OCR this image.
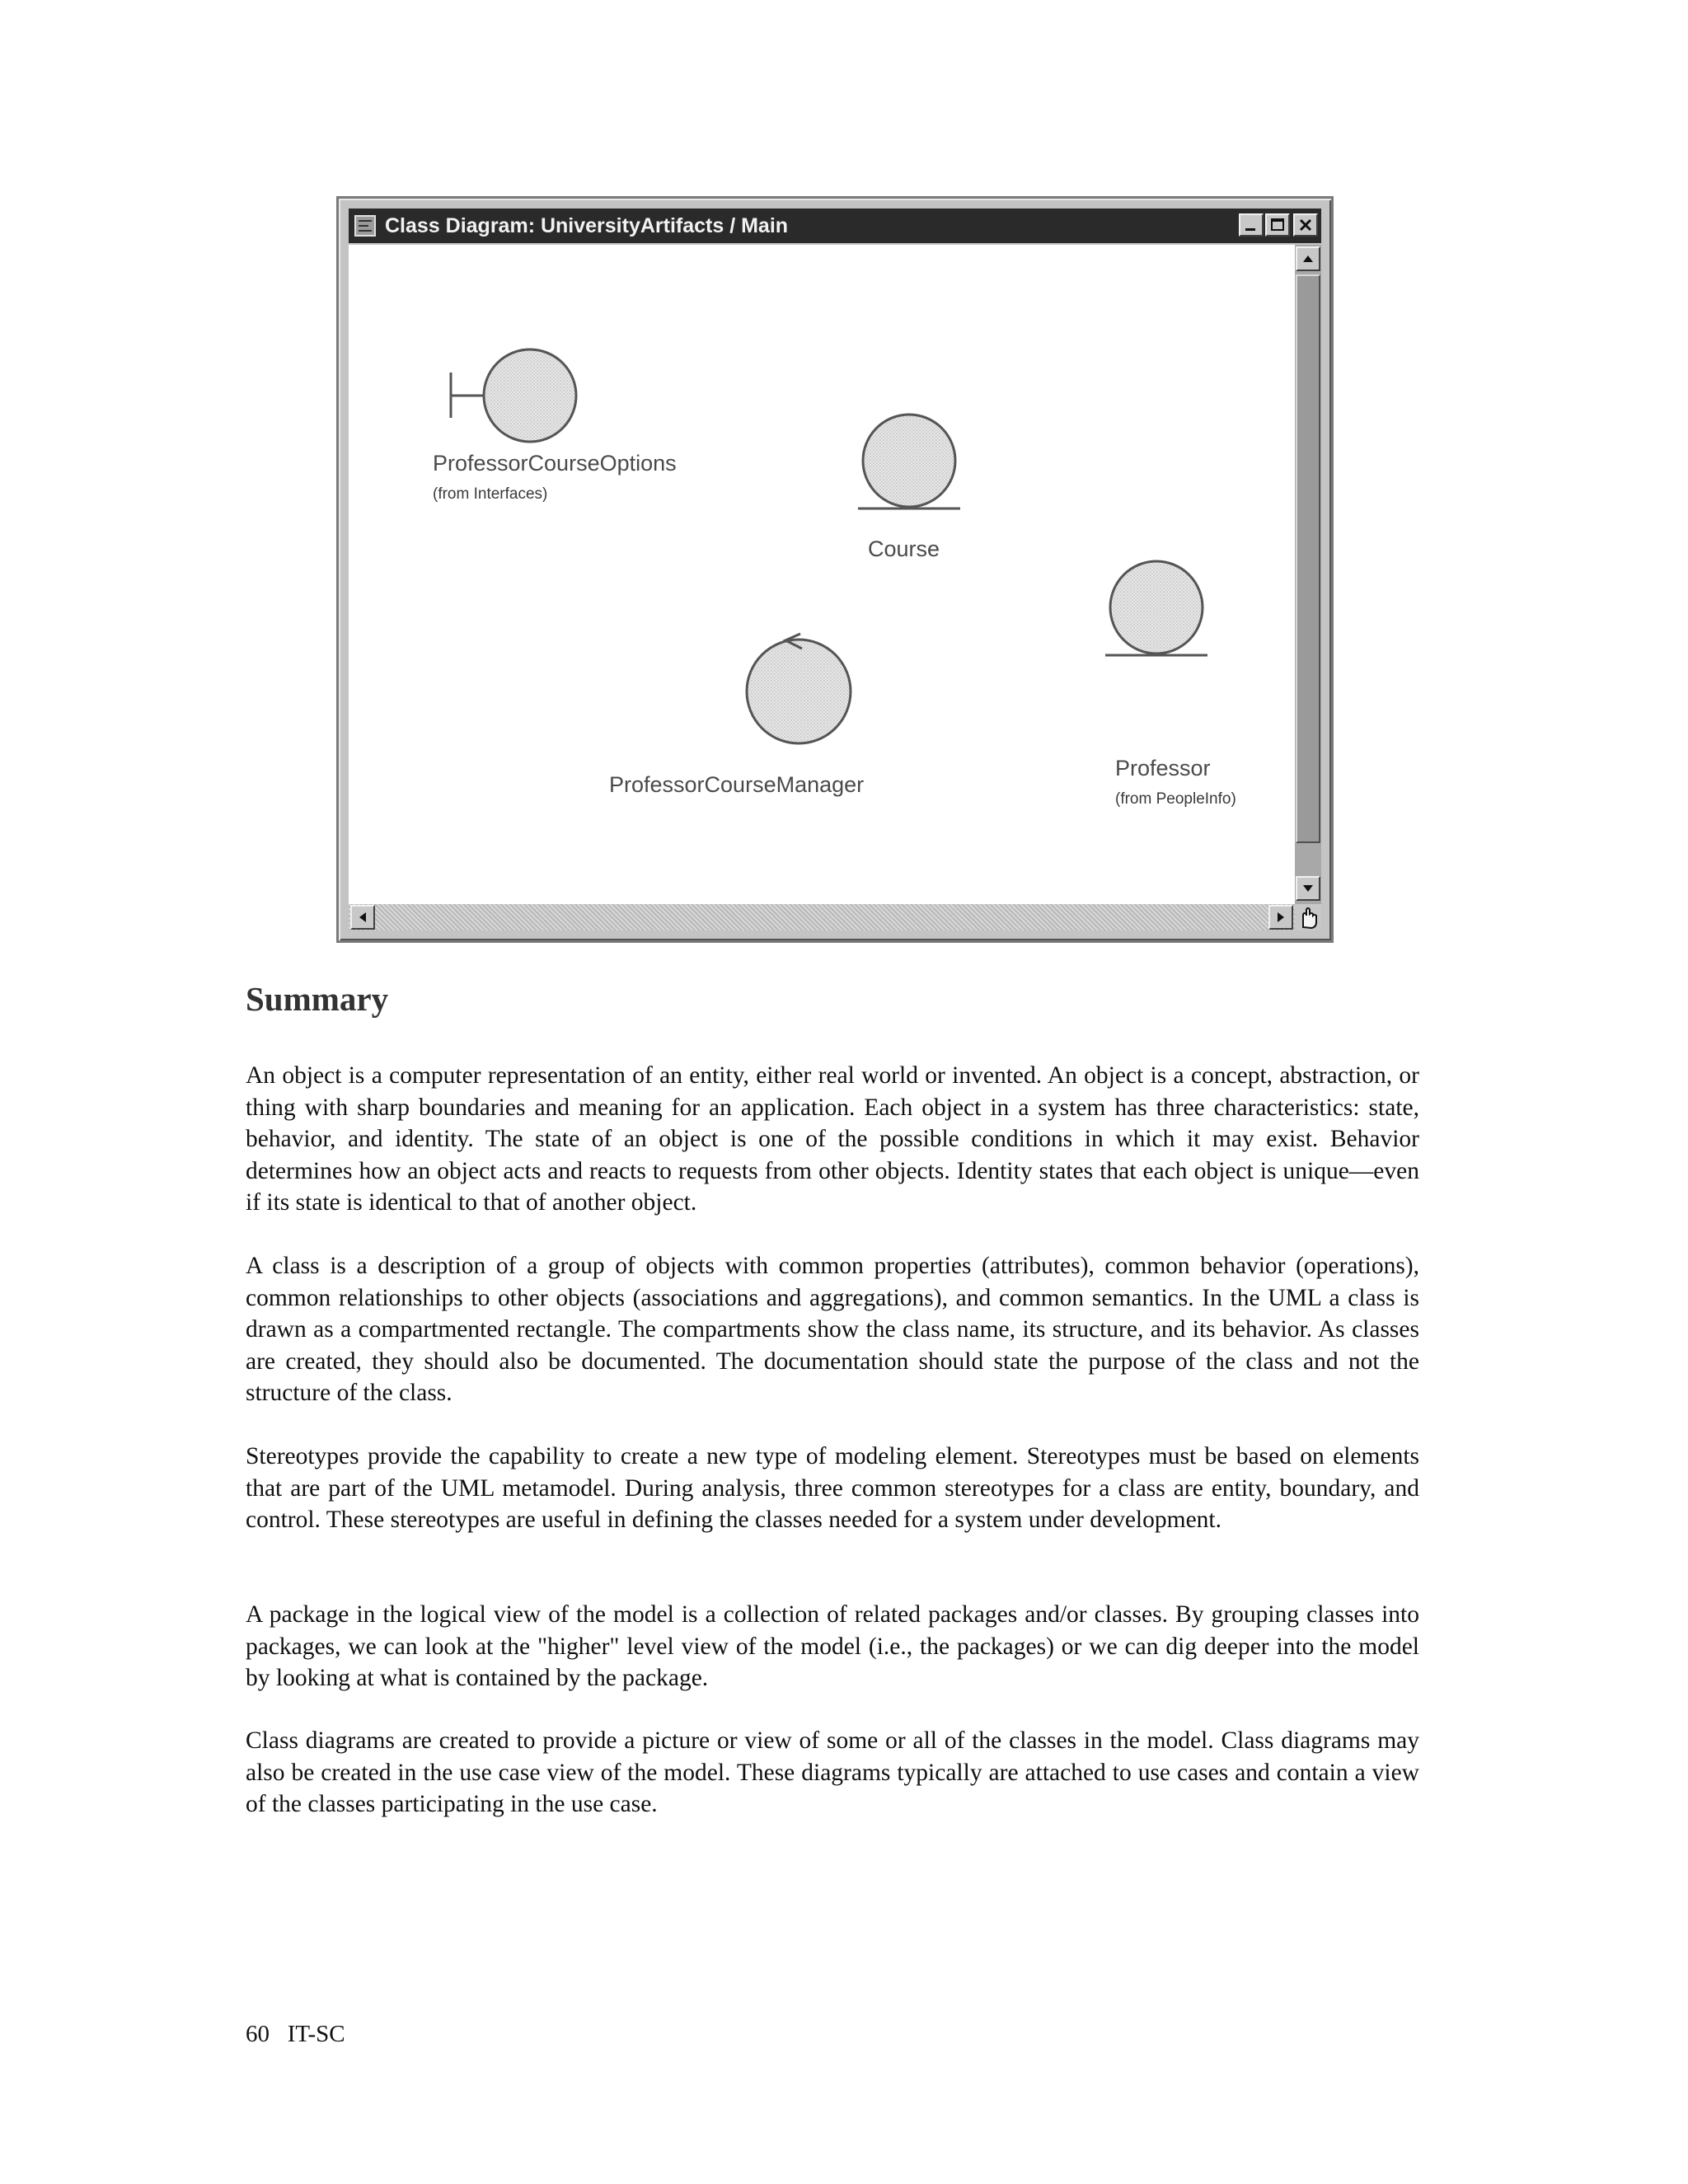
Class Diagram: UniversityArtifacts / Main
ProfessorCourseOptions
(from Interfaces)
Course
Professor
(from PeopleInfo)
ProfessorCourseManager
Summary

An object is a computer representation of an entity, either real world or invented. An object is a concept, abstraction, or thing with sharp boundaries and meaning for an application. Each object in a system has three characteristics: state, behavior, and identity. The state of an object is one of the possible conditions in which it may exist. Behavior determines how an object acts and reacts to requests from other objects. Identity states that each object is unique—even if its state is identical to that of another object.

A class is a description of a group of objects with common properties (attributes), common behavior (operations), common relationships to other objects (associations and aggregations), and common semantics. In the UML a class is drawn as a compartmented rectangle. The compartments show the class name, its structure, and its behavior. As classes are created, they should also be documented. The documentation should state the purpose of the class and not the structure of the class.

Stereotypes provide the capability to create a new type of modeling element. Stereotypes must be based on elements that are part of the UML metamodel. During analysis, three common stereotypes for a class are entity, boundary, and control. These stereotypes are useful in defining the classes needed for a system under development.

A package in the logical view of the model is a collection of related packages and/or classes. By grouping classes into packages, we can look at the "higher" level view of the model (i.e., the packages) or we can dig deeper into the model by looking at what is contained by the package.

Class diagrams are created to provide a picture or view of some or all of the classes in the model. Class diagrams may also be created in the use case view of the model. These diagrams typically are attached to use cases and contain a view of the classes participating in the use case.

60 IT-SC
